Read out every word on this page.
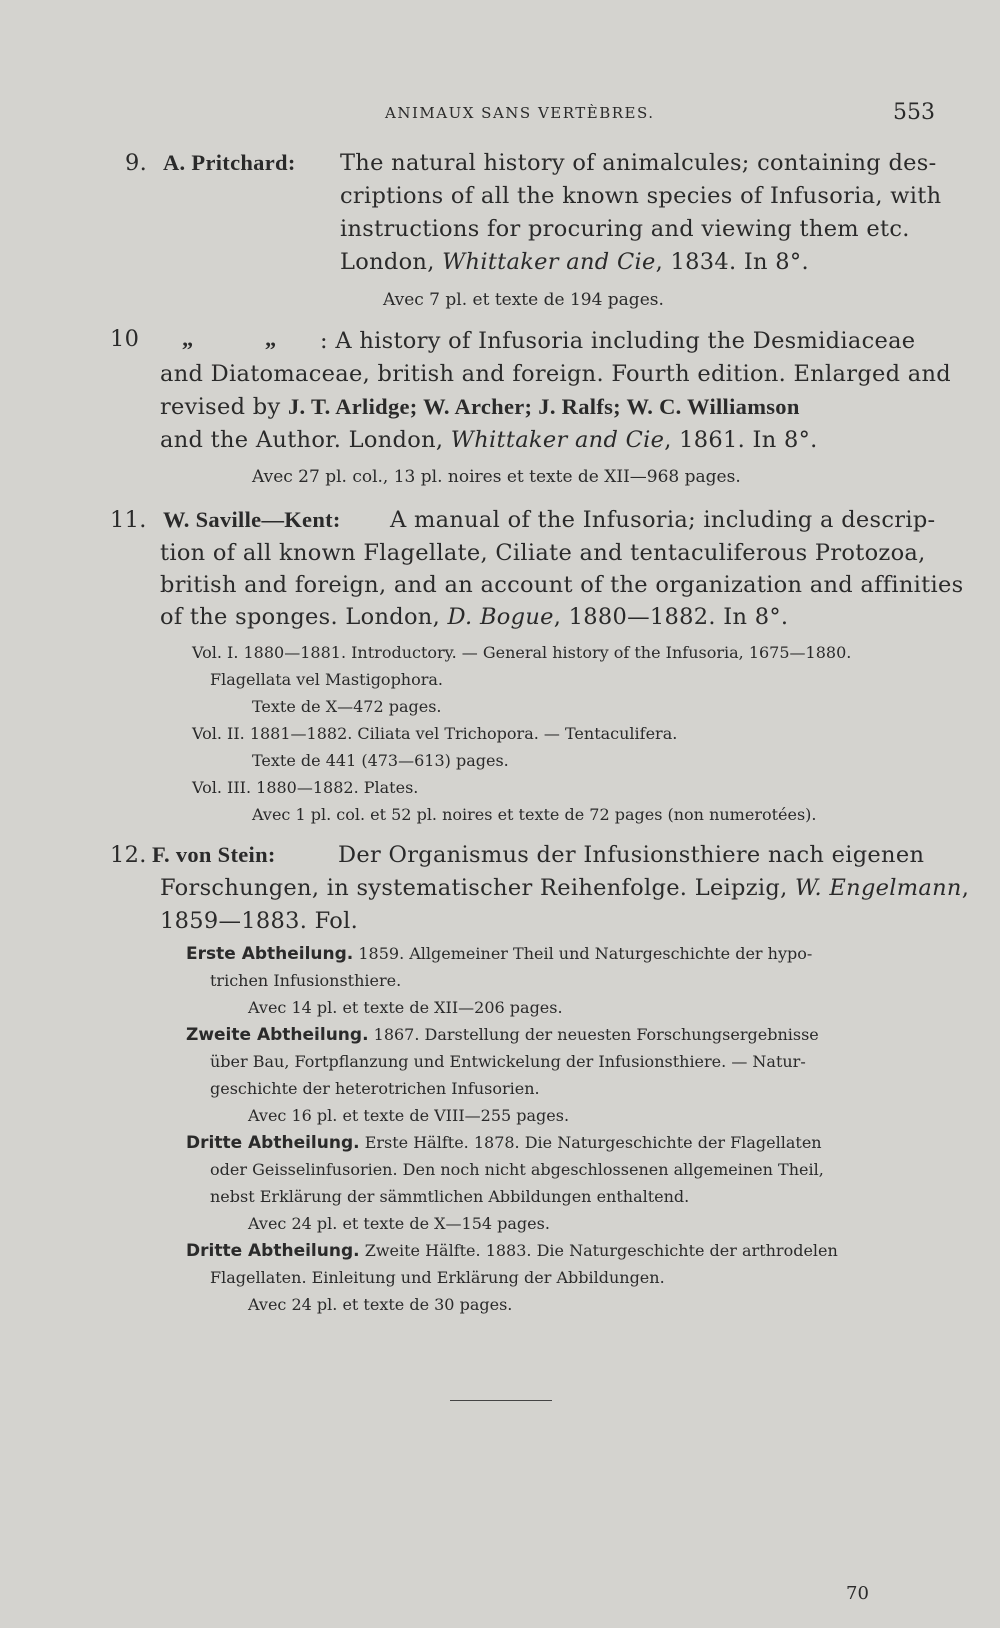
ANIMAUX SANS VERTÈBRES.	553
9. A. Pritchard: The natural history of animalcules; containing des-
criptions of all the known species of Infusoria, with
instructions for procuring and viewing them etc.
London, Whittaker and Cie, 1834. In 8°.
Avec 7 pl. et texte de 194 pages.
10 „	„ : A history of Infusoria including the Desmidiaceae
and Diatomaceae, british and foreign. Fourth edition. Enlarged and
revised by J. T. Arlidge; W. Archer; J. Ralfs; W. C. Williamson
and the Author. London, Whittaker and Cie, 1861. In 8°.
Avec 27 pl. col., 13 pl. noires et texte de XII—968 pages.
11. W. Saville—Kent: A manual of the Infusoria; including a descrip-
tion of all known Flagellate, Ciliate and tentaculiferous Protozoa,
british and foreign, and an account of the organization and affinities
of the sponges. London, D. Bogue, 1880—1882. In 8°.
Vol. I. 1880—1881. Introductory. — General history of the Infusoria, 1675—1880.
Flagellata vel Mastigophora.
Texte de X—472 pages.
Vol. II. 1881—1882. Ciliata vel Trichopora. — Tentaculifera.
Texte de 441 (473—613) pages.
Vol. III. 1880—1882. Plates.
Avec 1 pl. col. et 52 pl. noires et texte de 72 pages (non numerotées).
12. F. von Stein:	Der Organismus der Infusionsthiere nach eigenen
Forschungen, in systematischer Reihenfolge. Leipzig, W. Engelmann,
1859—1883. Fol.
Erste Abtheilung. 1859. Allgemeiner Theil und Naturgeschichte der hypo-
trichen Infusionsthiere.
Avec 14 pl. et texte de XII—206 pages.
Zweite Abtheilung. 1867. Darstellung der neuesten Forschungsergebnisse
über Bau, Fortpflanzung und Entwickelung der Infusionsthiere. — Natur-
geschichte der heterotrichen Infusorien.
Avec 16 pl. et texte de VIII—255 pages.
Dritte Abtheilung. Erste Hälfte. 1878. Die Naturgeschichte der Flagellaten
oder Geisselinfusorien. Den noch nicht abgeschlossenen allgemeinen Theil,
nebst Erklärung der sämmtlichen Abbildungen enthaltend.
Avec 24 pl. et texte de X—154 pages.
Dritte Abtheilung. Zweite Hälfte. 1883. Die Naturgeschichte der arthrodelen
Flagellaten. Einleitung und Erklärung der Abbildungen.
Avec 24 pl. et texte de 30 pages.
70
